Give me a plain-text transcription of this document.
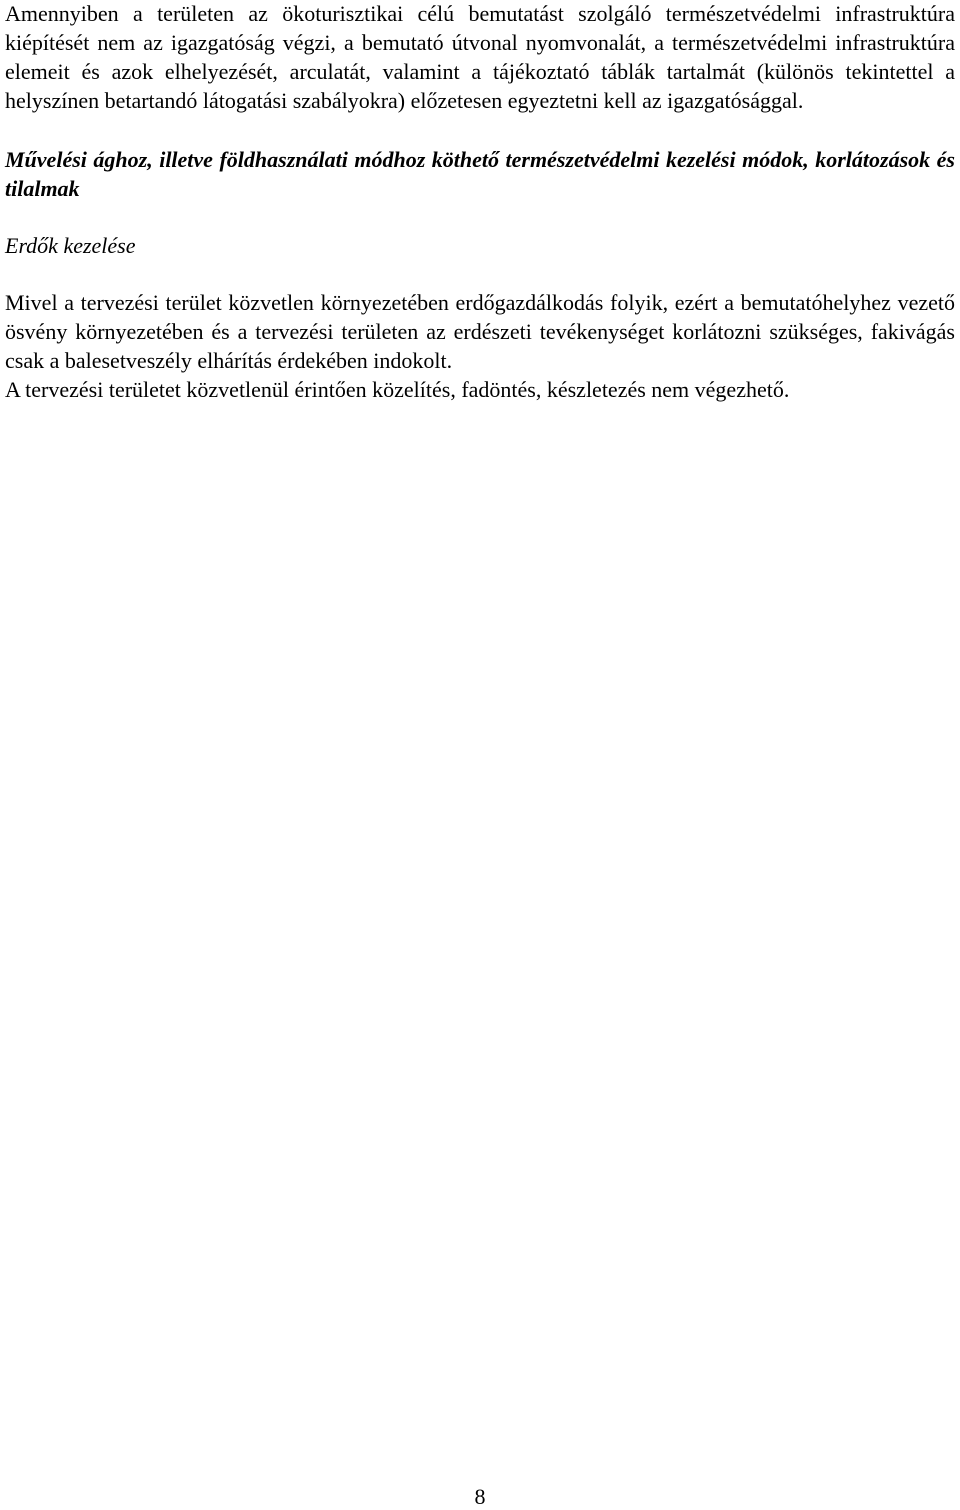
Amennyiben a területen az ökoturisztikai célú bemutatást szolgáló természetvédelmi infrastruktúra kiépítését nem az igazgatóság végzi, a bemutató útvonal nyomvonalát, a természetvédelmi infrastruktúra elemeit és azok elhelyezését, arculatát, valamint a tájékoztató táblák tartalmát (különös tekintettel a helyszínen betartandó látogatási szabályokra) előzetesen egyeztetni kell az igazgatósággal.

Művelési ághoz, illetve földhasználati módhoz köthető természetvédelmi kezelési módok, korlátozások és tilalmak

Erdők kezelése

Mivel a tervezési terület közvetlen környezetében erdőgazdálkodás folyik, ezért a bemutatóhelyhez vezető ösvény környezetében és a tervezési területen az erdészeti tevékenységet korlátozni szükséges, fakivágás csak a balesetveszély elhárítás érdekében indokolt.

A tervezési területet közvetlenül érintően közelítés, fadöntés, készletezés nem végezhető.

8
